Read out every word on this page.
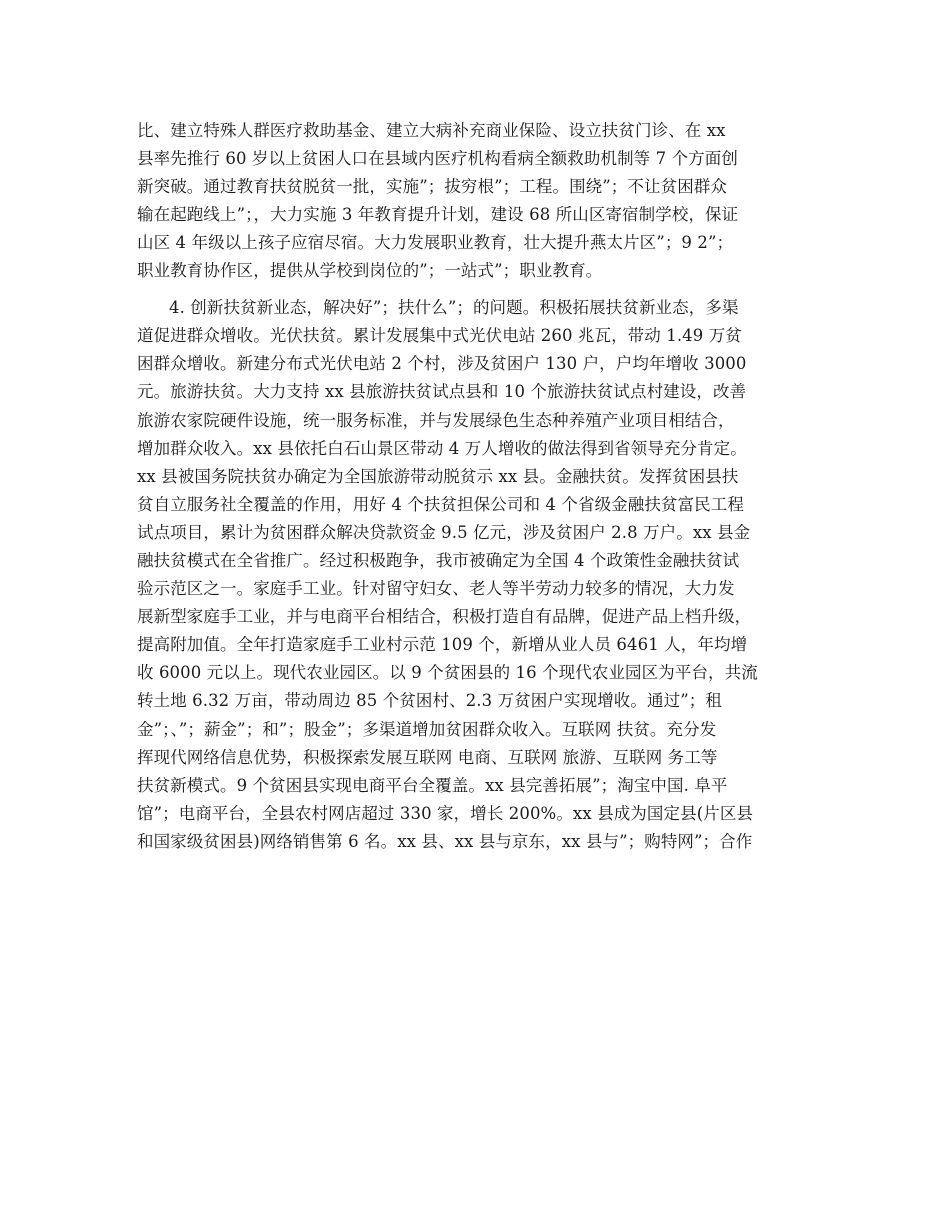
比、建立特殊人群医疗救助基金、建立大病补充商业保险、设立扶贫门诊、在 xx
县率先推行 60 岁以上贫困人口在县域内医疗机构看病全额救助机制等 7 个方面创
新突破。通过教育扶贫脱贫一批，实施”；拔穷根”；工程。围绕”；不让贫困群众
输在起跑线上”；，大力实施 3 年教育提升计划，建设 68 所山区寄宿制学校，保证
山区 4 年级以上孩子应宿尽宿。大力发展职业教育，壮大提升燕太片区”；9 2”；
职业教育协作区，提供从学校到岗位的”；一站式”；职业教育。
4. 创新扶贫新业态，解决好”；扶什么”；的问题。积极拓展扶贫新业态，多渠
道促进群众增收。光伏扶贫。累计发展集中式光伏电站 260 兆瓦，带动 1.49 万贫
困群众增收。新建分布式光伏电站 2 个村，涉及贫困户 130 户，户均年增收 3000
元。旅游扶贫。大力支持 xx 县旅游扶贫试点县和 10 个旅游扶贫试点村建设，改善
旅游农家院硬件设施，统一服务标准，并与发展绿色生态种养殖产业项目相结合，
增加群众收入。xx 县依托白石山景区带动 4 万人增收的做法得到省领导充分肯定。
xx 县被国务院扶贫办确定为全国旅游带动脱贫示 xx 县。金融扶贫。发挥贫困县扶
贫自立服务社全覆盖的作用，用好 4 个扶贫担保公司和 4 个省级金融扶贫富民工程
试点项目，累计为贫困群众解决贷款资金 9.5 亿元，涉及贫困户 2.8 万户。xx 县金
融扶贫模式在全省推广。经过积极跑争，我市被确定为全国 4 个政策性金融扶贫试
验示范区之一。家庭手工业。针对留守妇女、老人等半劳动力较多的情况，大力发
展新型家庭手工业，并与电商平台相结合，积极打造自有品牌，促进产品上档升级，
提高附加值。全年打造家庭手工业村示范 109 个，新增从业人员 6461 人，年均增
收 6000 元以上。现代农业园区。以 9 个贫困县的 16 个现代农业园区为平台，共流
转土地 6.32 万亩，带动周边 85 个贫困村、2.3 万贫困户实现增收。通过”；租
金”；、”；薪金”；和”；股金”；多渠道增加贫困群众收入。互联网 扶贫。充分发
挥现代网络信息优势，积极探索发展互联网 电商、互联网 旅游、互联网 务工等
扶贫新模式。9 个贫困县实现电商平台全覆盖。xx 县完善拓展”；淘宝中国. 阜平
馆”；电商平台，全县农村网店超过 330 家，增长 200%。xx 县成为国定县(片区县
和国家级贫困县)网络销售第 6 名。xx 县、xx 县与京东，xx 县与”；购特网”；合作
